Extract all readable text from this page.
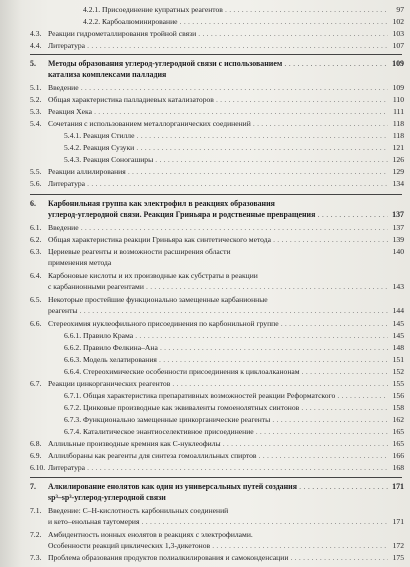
4.2.1. Присоединение купратных реагентов . . .	97
4.2.2. Карбоалюминирование . . .	102
4.3. Реакции гидрометаллирования тройной связи . . .	103
4.4. Литература . . .	107
5. Методы образования углерод-углеродной связи с использованием . . .	109
катализа комплексами палладия
5.1. Введение . . .	109
5.2. Общая характеристика палладиевых катализаторов . . .	110
5.3. Реакция Хека . . .	111
5.4. Сочетания с использованием металлорганических соединений . . .	118
5.4.1. Реакция Стилле . . .	118
5.4.2. Реакция Сузуки . . .	121
5.4.3. Реакция Соногаширы . . .	126
5.5. Реакции аллилирования . . .	129
5.6. Литература . . .	134
6. Карбонильная группа как электрофил в реакциях образования
углерод-углеродной связи. Реакция Гриньяра и родственные превращения . . .	137
6.1. Введение . . .	137
6.2. Общая характеристика реакции Гриньяра как синтетического метода . . .	139
6.3. Цериевые реагенты и возможности расширения области	140
применения метода
6.4. Карбоновые кислоты и их производные как субстраты в реакции
с карбанионными реагентами . . .	143
6.5. Некоторые простейшие функционально замещенные карбанионные
реагенты . . .	144
6.6. Стереохимия нуклеофильного присоединения по карбонильной группе . . .	145
6.6.1. Правило Крама . . .	145
6.6.2. Правило Фелкина–Ана . . .	148
6.6.3. Модель хелатирования . . .	151
6.6.4. Стереохимические особенности присоединения к циклоалканонам . . .	152
6.7. Реакции цинкорганических реагентов . . .	155
6.7.1. Общая характеристика препаративных возможностей реакции Реформатского . . .	156
6.7.2. Цинковые производные как эквиваленты гомоенолятных синтонов . . .	158
6.7.3. Функционально замещенные цинкорганические реагенты . . .	162
6.7.4. Каталитическое энантиоселективное присоединение . . .	165
6.8. Аллильные производные кремния как С-нуклеофилы . . .	165
6.9. Аллилбораны как реагенты для синтеза гомоаллильных спиртов . . .	166
6.10. Литература . . .	168
7. Алкилирование енолятов как один из универсальных путей создания . . .	171
sp³–sp³-углерод-углеродной связи
7.1. Введение: С–Н-кислотность карбонильных соединений
и кето–енольная таутомерия . . .	171
7.2. Амбидентность ионных енолятов в реакциях с электрофилами.
Особенности реакций циклических 1,3-дикетонов . . .	172
7.3. Проблема образования продуктов полиалкилирования и самоконденсации . . .	175
